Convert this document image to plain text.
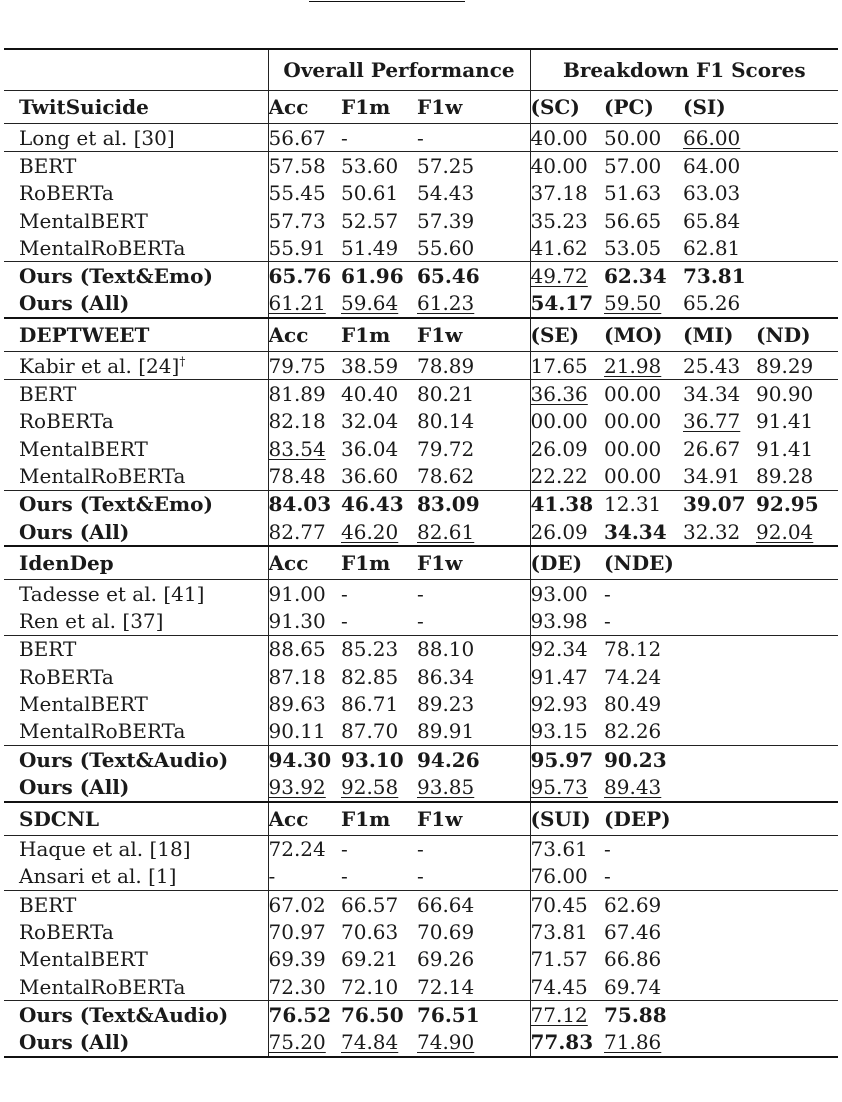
	Overall Performance			Breakdown F1 Scores			
TwitSuicide	Acc	F1m	F1w	(SC)	(PC)	(SI)	
Long et al. [30]	56.67	-	-	40.00	50.00	66.00	
BERT	57.58	53.60	57.25	40.00	57.00	64.00	
RoBERTa	55.45	50.61	54.43	37.18	51.63	63.03	
MentalBERT	57.73	52.57	57.39	35.23	56.65	65.84	
MentalRoBERTa	55.91	51.49	55.60	41.62	53.05	62.81	
Ours (Text&Emo)	65.76	61.96	65.46	49.72	62.34	73.81	
Ours (All)	61.21	59.64	61.23	54.17	59.50	65.26	
DEPTWEET	Acc	F1m	F1w	(SE)	(MO)	(MI)	(ND)
Kabir et al. [24]†	79.75	38.59	78.89	17.65	21.98	25.43	89.29
BERT	81.89	40.40	80.21	36.36	00.00	34.34	90.90
RoBERTa	82.18	32.04	80.14	00.00	00.00	36.77	91.41
MentalBERT	83.54	36.04	79.72	26.09	00.00	26.67	91.41
MentalRoBERTa	78.48	36.60	78.62	22.22	00.00	34.91	89.28
Ours (Text&Emo)	84.03	46.43	83.09	41.38	12.31	39.07	92.95
Ours (All)	82.77	46.20	82.61	26.09	34.34	32.32	92.04
IdenDep	Acc	F1m	F1w	(DE)	(NDE)		
Tadesse et al. [41]	91.00	-	-	93.00	-		
Ren et al. [37]	91.30	-	-	93.98	-		
BERT	88.65	85.23	88.10	92.34	78.12		
RoBERTa	87.18	82.85	86.34	91.47	74.24		
MentalBERT	89.63	86.71	89.23	92.93	80.49		
MentalRoBERTa	90.11	87.70	89.91	93.15	82.26		
Ours (Text&Audio)	94.30	93.10	94.26	95.97	90.23		
Ours (All)	93.92	92.58	93.85	95.73	89.43		
SDCNL	Acc	F1m	F1w	(SUI)	(DEP)		
Haque et al. [18]	72.24	-	-	73.61	-		
Ansari et al. [1]	-	-	-	76.00	-		
BERT	67.02	66.57	66.64	70.45	62.69		
RoBERTa	70.97	70.63	70.69	73.81	67.46		
MentalBERT	69.39	69.21	69.26	71.57	66.86		
MentalRoBERTa	72.30	72.10	72.14	74.45	69.74		
Ours (Text&Audio)	76.52	76.50	76.51	77.12	75.88		
Ours (All)	75.20	74.84	74.90	77.83	71.86		
